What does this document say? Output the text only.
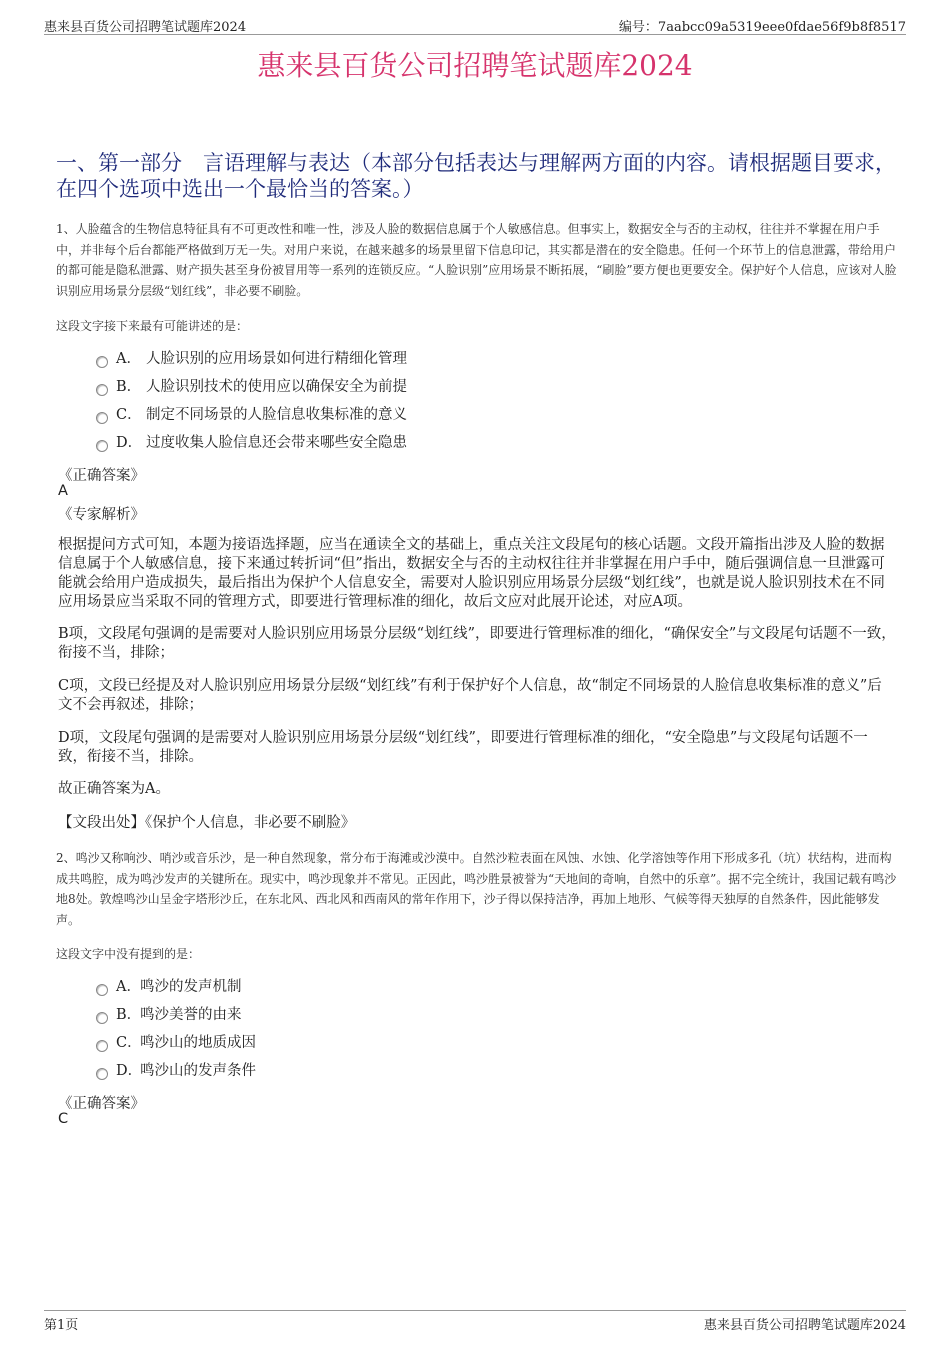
惠来县百货公司招聘笔试题库2024	编号：7aabcc09a5319eee0fdae56f9b8f8517
惠来县百货公司招聘笔试题库2024
一、第一部分　言语理解与表达（本部分包括表达与理解两方面的内容。请根据题目要求，在四个选项中选出一个最恰当的答案。）
1、人脸蕴含的生物信息特征具有不可更改性和唯一性，涉及人脸的数据信息属于个人敏感信息。但事实上，数据安全与否的主动权，往往并不掌握在用户手中，并非每个后台都能严格做到万无一失。对用户来说，在越来越多的场景里留下信息印记，其实都是潜在的安全隐患。任何一个环节上的信息泄露，带给用户的都可能是隐私泄露、财产损失甚至身份被冒用等一系列的连锁反应。“人脸识别”应用场景不断拓展，“刷脸”要方便也更要安全。保护好个人信息，应该对人脸识别应用场景分层级“划红线”，非必要不刷脸。
这段文字接下来最有可能讲述的是：
A． 人脸识别的应用场景如何进行精细化管理
B． 人脸识别技术的使用应以确保安全为前提
C． 制定不同场景的人脸信息收集标准的意义
D． 过度收集人脸信息还会带来哪些安全隐患
《正确答案》
A
《专家解析》
根据提问方式可知，本题为接语选择题，应当在通读全文的基础上，重点关注文段尾句的核心话题。文段开篇指出涉及人脸的数据信息属于个人敏感信息，接下来通过转折词“但”指出，数据安全与否的主动权往往并非掌握在用户手中，随后强调信息一旦泄露可能就会给用户造成损失，最后指出为保护个人信息安全，需要对人脸识别应用场景分层级“划红线”，也就是说人脸识别技术在不同应用场景应当采取不同的管理方式，即要进行管理标准的细化，故后文应对此展开论述，对应A项。
B项，文段尾句强调的是需要对人脸识别应用场景分层级“划红线”，即要进行管理标准的细化，“确保安全”与文段尾句话题不一致，衔接不当，排除；
C项，文段已经提及对人脸识别应用场景分层级“划红线”有利于保护好个人信息，故“制定不同场景的人脸信息收集标准的意义”后文不会再叙述，排除；
D项，文段尾句强调的是需要对人脸识别应用场景分层级“划红线”，即要进行管理标准的细化，“安全隐患”与文段尾句话题不一致，衔接不当，排除。
故正确答案为A。
【文段出处】《保护个人信息，非必要不刷脸》
2、鸣沙又称响沙、哨沙或音乐沙，是一种自然现象，常分布于海滩或沙漠中。自然沙粒表面在风蚀、水蚀、化学溶蚀等作用下形成多孔（坑）状结构，进而构成共鸣腔，成为鸣沙发声的关键所在。现实中，鸣沙现象并不常见。正因此，鸣沙胜景被誉为“天地间的奇响，自然中的乐章”。据不完全统计，我国记载有鸣沙地8处。敦煌鸣沙山呈金字塔形沙丘，在东北风、西北风和西南风的常年作用下，沙子得以保持洁净，再加上地形、气候等得天独厚的自然条件，因此能够发声。
这段文字中没有提到的是：
A．鸣沙的发声机制
B．鸣沙美誉的由来
C．鸣沙山的地质成因
D．鸣沙山的发声条件
《正确答案》
C
第1页	惠来县百货公司招聘笔试题库2024
